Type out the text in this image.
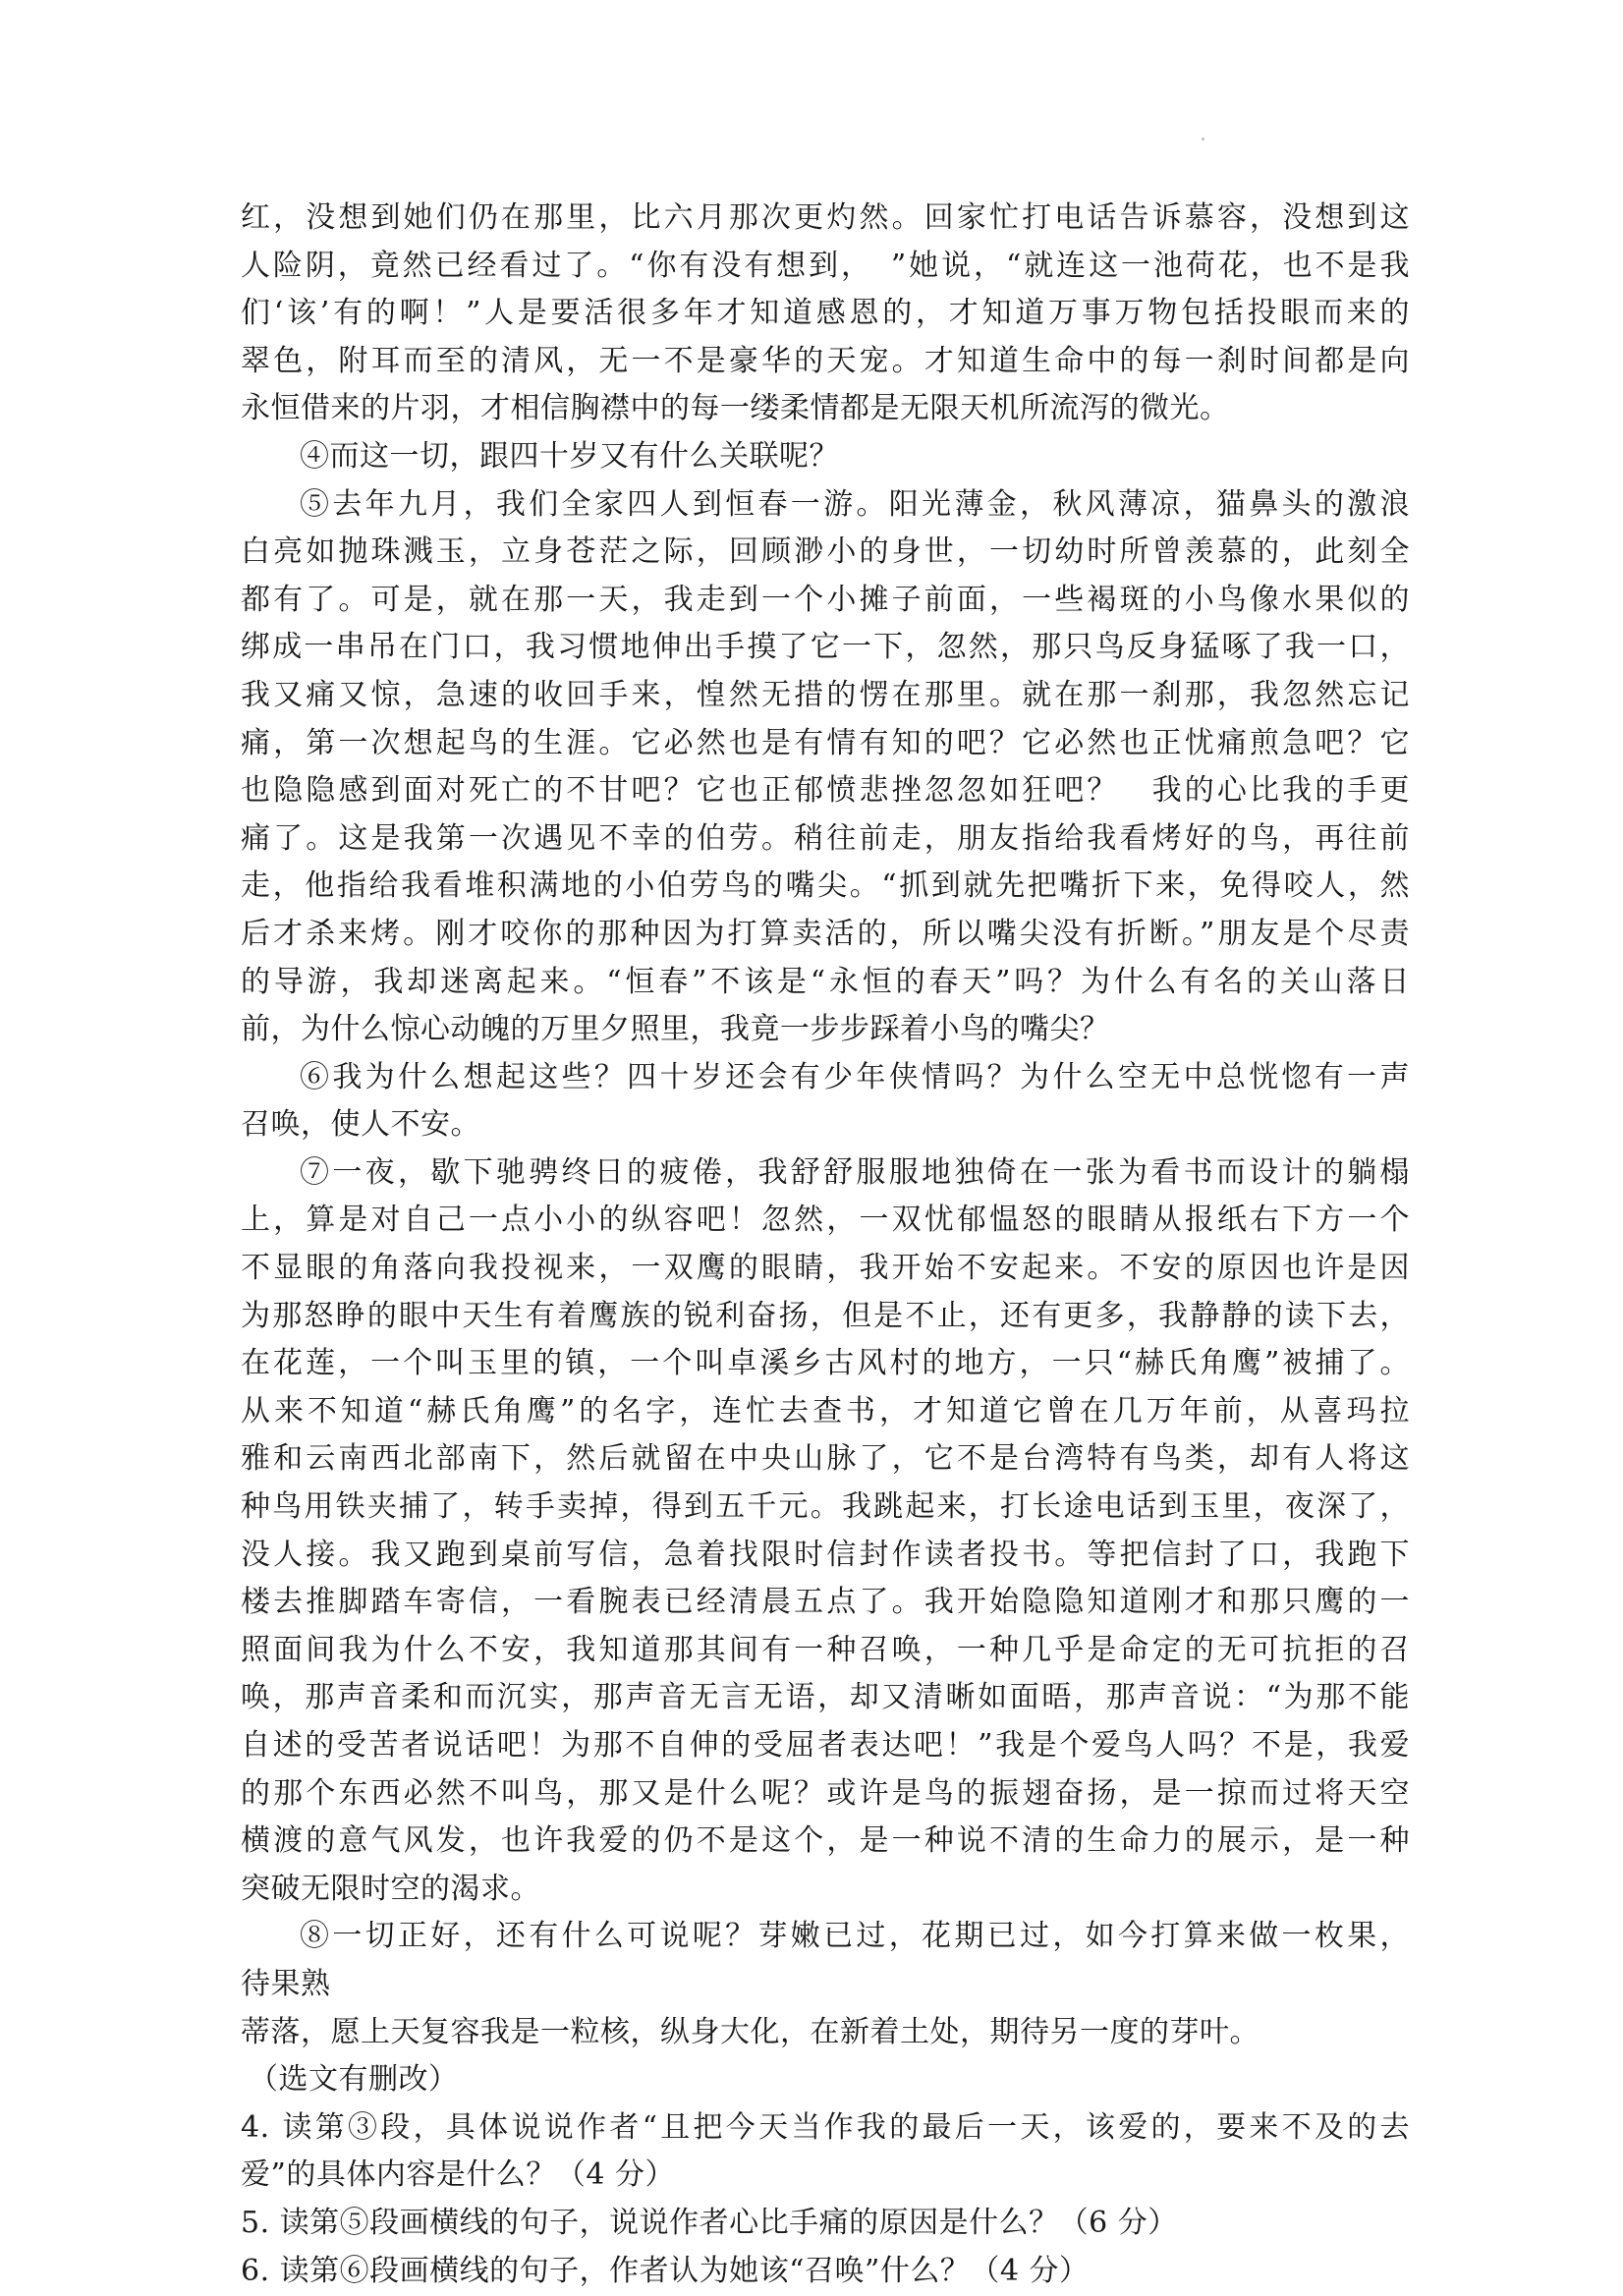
红，没想到她们仍在那里，比六月那次更灼然。回家忙打电话告诉慕容，没想到这
人险阴，竟然已经看过了。“你有没有想到，　”她说，“就连这一池荷花，也不是我
们‘该’有的啊！”人是要活很多年才知道感恩的，才知道万事万物包括投眼而来的
翠色，附耳而至的清风，无一不是豪华的天宠。才知道生命中的每一刹时间都是向
永恒借来的片羽，才相信胸襟中的每一缕柔情都是无限天机所流泻的微光。
④而这一切，跟四十岁又有什么关联呢？
⑤去年九月，我们全家四人到恒春一游。阳光薄金，秋风薄凉，猫鼻头的激浪
白亮如抛珠溅玉，立身苍茫之际，回顾渺小的身世，一切幼时所曾羡慕的，此刻全
都有了。可是，就在那一天，我走到一个小摊子前面，一些褐斑的小鸟像水果似的
绑成一串吊在门口，我习惯地伸出手摸了它一下，忽然，那只鸟反身猛啄了我一口，
我又痛又惊，急速的收回手来，惶然无措的愣在那里。就在那一刹那，我忽然忘记
痛，第一次想起鸟的生涯。它必然也是有情有知的吧？它必然也正忧痛煎急吧？它
也隐隐感到面对死亡的不甘吧？它也正郁愤悲挫忽忽如狂吧？　我的心比我的手更
痛了。这是我第一次遇见不幸的伯劳。稍往前走，朋友指给我看烤好的鸟，再往前
走，他指给我看堆积满地的小伯劳鸟的嘴尖。“抓到就先把嘴折下来，免得咬人，然
后才杀来烤。刚才咬你的那种因为打算卖活的，所以嘴尖没有折断。”朋友是个尽责
的导游，我却迷离起来。“恒春”不该是“永恒的春天”吗？为什么有名的关山落日
前，为什么惊心动魄的万里夕照里，我竟一步步踩着小鸟的嘴尖？
⑥我为什么想起这些？四十岁还会有少年侠情吗？为什么空无中总恍惚有一声
召唤，使人不安。
⑦一夜，歇下驰骋终日的疲倦，我舒舒服服地独倚在一张为看书而设计的躺榻
上，算是对自己一点小小的纵容吧！忽然，一双忧郁愠怒的眼睛从报纸右下方一个
不显眼的角落向我投视来，一双鹰的眼睛，我开始不安起来。不安的原因也许是因
为那怒睁的眼中天生有着鹰族的锐利奋扬，但是不止，还有更多，我静静的读下去，
在花莲，一个叫玉里的镇，一个叫卓溪乡古风村的地方，一只“赫氏角鹰”被捕了。
从来不知道“赫氏角鹰”的名字，连忙去查书，才知道它曾在几万年前，从喜玛拉
雅和云南西北部南下，然后就留在中央山脉了，它不是台湾特有鸟类，却有人将这
种鸟用铁夹捕了，转手卖掉，得到五千元。我跳起来，打长途电话到玉里，夜深了，
没人接。我又跑到桌前写信，急着找限时信封作读者投书。等把信封了口，我跑下
楼去推脚踏车寄信，一看腕表已经清晨五点了。我开始隐隐知道刚才和那只鹰的一
照面间我为什么不安，我知道那其间有一种召唤，一种几乎是命定的无可抗拒的召
唤，那声音柔和而沉实，那声音无言无语，却又清晰如面晤，那声音说：“为那不能
自述的受苦者说话吧！为那不自伸的受屈者表达吧！”我是个爱鸟人吗？不是，我爱
的那个东西必然不叫鸟，那又是什么呢？或许是鸟的振翅奋扬，是一掠而过将天空
横渡的意气风发，也许我爱的仍不是这个，是一种说不清的生命力的展示，是一种
突破无限时空的渴求。
⑧一切正好，还有什么可说呢？芽嫩已过，花期已过，如今打算来做一枚果，
待果熟
蒂落，愿上天复容我是一粒核，纵身大化，在新着土处，期待另一度的芽叶。
（选文有删改）
4. 读第③段，具体说说作者“且把今天当作我的最后一天，该爱的，要来不及的去
爱”的具体内容是什么？（4 分）
5. 读第⑤段画横线的句子，说说作者心比手痛的原因是什么？（6 分）
6. 读第⑥段画横线的句子，作者认为她该“召唤”什么？（4 分）
